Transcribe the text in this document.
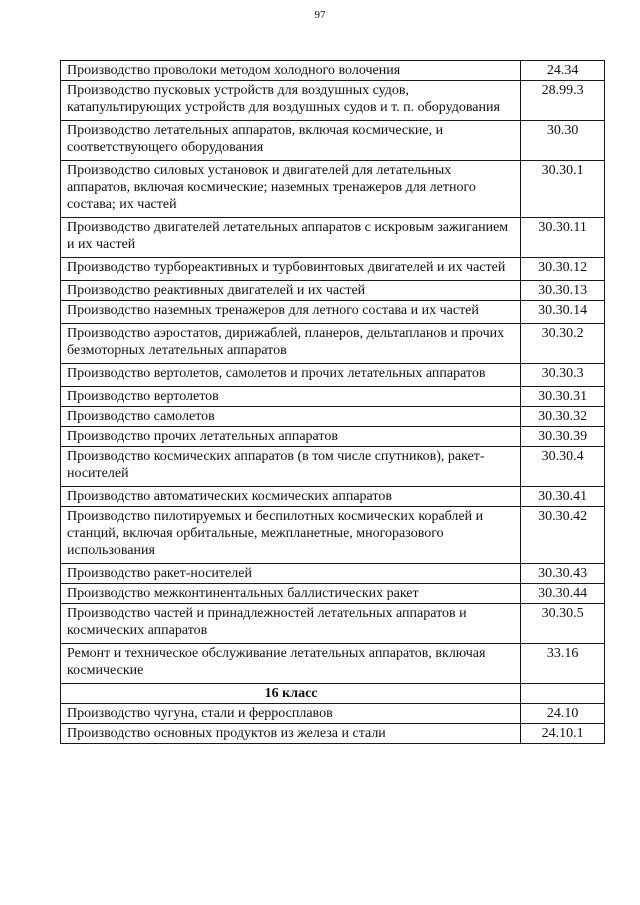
97
Производство проволоки методом холодного волочения	24.34
Производство пусковых устройств для воздушных судов, катапультирующих устройств для воздушных судов и т. п. оборудования	28.99.3
Производство летательных аппаратов, включая космические, и соответствующего оборудования	30.30
Производство силовых установок и двигателей для летательных аппаратов, включая космические; наземных тренажеров для летного состава; их частей	30.30.1
Производство двигателей летательных аппаратов с искровым зажиганием и их частей	30.30.11
Производство турбореактивных и турбовинтовых двигателей и их частей	30.30.12
Производство реактивных двигателей и их частей	30.30.13
Производство наземных тренажеров для летного состава и их частей	30.30.14
Производство аэростатов, дирижаблей, планеров, дельтапланов и прочих безмоторных летательных аппаратов	30.30.2
Производство вертолетов, самолетов и прочих летательных аппаратов	30.30.3
Производство вертолетов	30.30.31
Производство самолетов	30.30.32
Производство прочих летательных аппаратов	30.30.39
Производство космических аппаратов (в том числе спутников), ракет-носителей	30.30.4
Производство автоматических космических аппаратов	30.30.41
Производство пилотируемых и беспилотных космических кораблей и станций, включая орбитальные, межпланетные, многоразового использования	30.30.42
Производство ракет-носителей	30.30.43
Производство межконтинентальных баллистических ракет	30.30.44
Производство частей и принадлежностей летательных аппаратов и космических аппаратов	30.30.5
Ремонт и техническое обслуживание летательных аппаратов, включая космические	33.16
16 класс	
Производство чугуна, стали и ферросплавов	24.10
Производство основных продуктов из железа и стали	24.10.1
